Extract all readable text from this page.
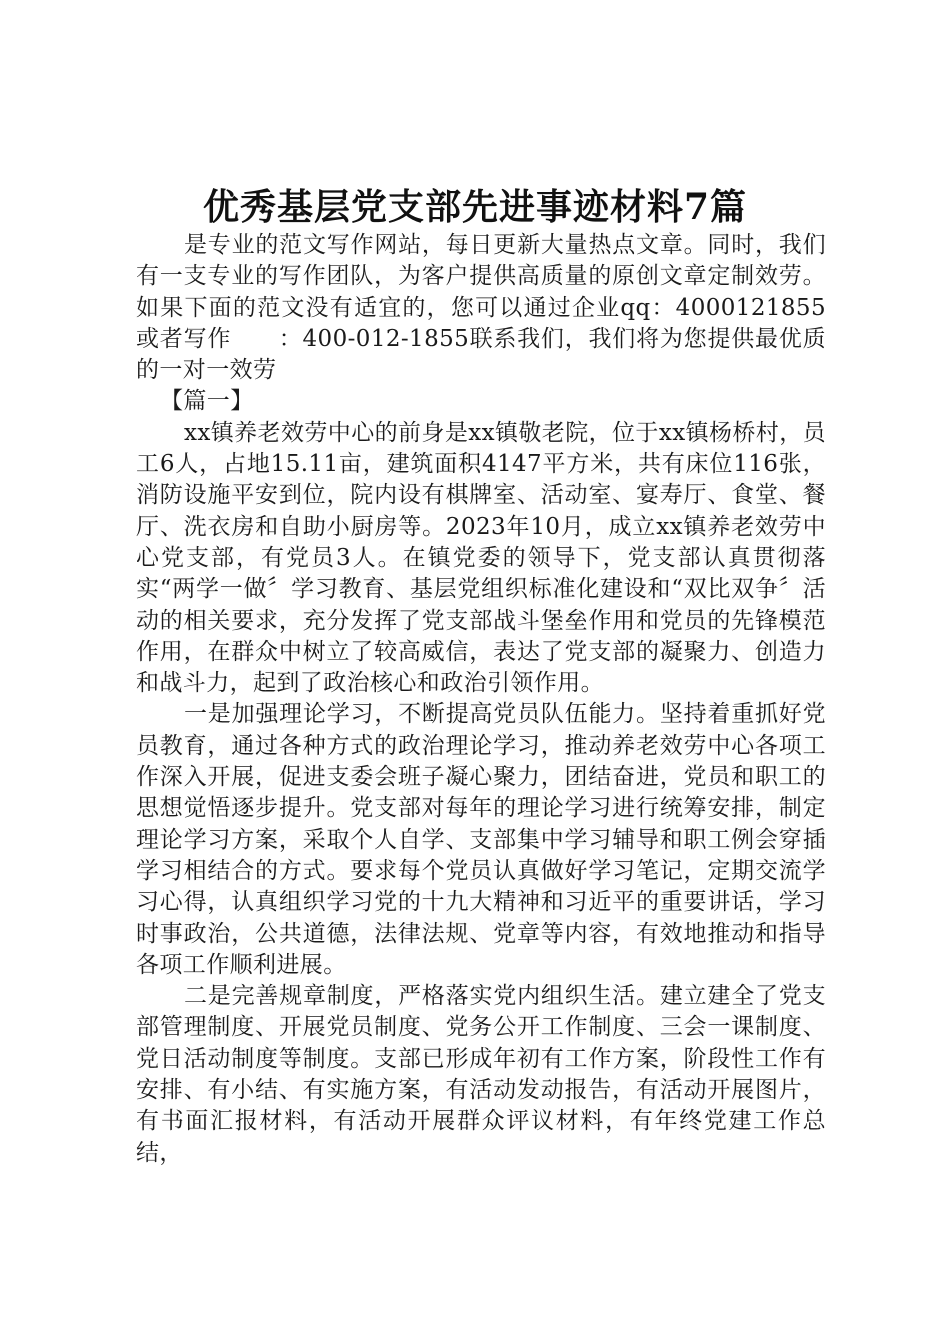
优秀基层党支部先进事迹材料7篇

是专业的范文写作网站，每日更新大量热点文章。同时，我们有一支专业的写作团队，为客户提供高质量的原创文章定制效劳。如果下面的范文没有适宜的，您可以通过企业qq：4000121855或者写作　　：400-012-1855联系我们，我们将为您提供最优质的一对一效劳

【篇一】

xx镇养老效劳中心的前身是xx镇敬老院，位于xx镇杨桥村，员工6人，占地15.11亩，建筑面积4147平方米，共有床位116张，消防设施平安到位，院内设有棋牌室、活动室、宴寿厅、食堂、餐厅、洗衣房和自助小厨房等。2023年10月，成立xx镇养老效劳中心党支部，有党员3人。在镇党委的领导下，党支部认真贯彻落实“两学一做〞学习教育、基层党组织标准化建设和“双比双争〞活动的相关要求，充分发挥了党支部战斗堡垒作用和党员的先锋模范作用，在群众中树立了较高威信，表达了党支部的凝聚力、创造力和战斗力，起到了政治核心和政治引领作用。

一是加强理论学习，不断提高党员队伍能力。坚持着重抓好党员教育，通过各种方式的政治理论学习，推动养老效劳中心各项工作深入开展，促进支委会班子凝心聚力，团结奋进，党员和职工的思想觉悟逐步提升。党支部对每年的理论学习进行统筹安排，制定理论学习方案，采取个人自学、支部集中学习辅导和职工例会穿插学习相结合的方式。要求每个党员认真做好学习笔记，定期交流学习心得，认真组织学习党的十九大精神和习近平的重要讲话，学习时事政治，公共道德，法律法规、党章等内容，有效地推动和指导各项工作顺利进展。

二是完善规章制度，严格落实党内组织生活。建立建全了党支部管理制度、开展党员制度、党务公开工作制度、三会一课制度、党日活动制度等制度。支部已形成年初有工作方案，阶段性工作有安排、有小结、有实施方案，有活动发动报告，有活动开展图片，有书面汇报材料，有活动开展群众评议材料，有年终党建工作总结，
